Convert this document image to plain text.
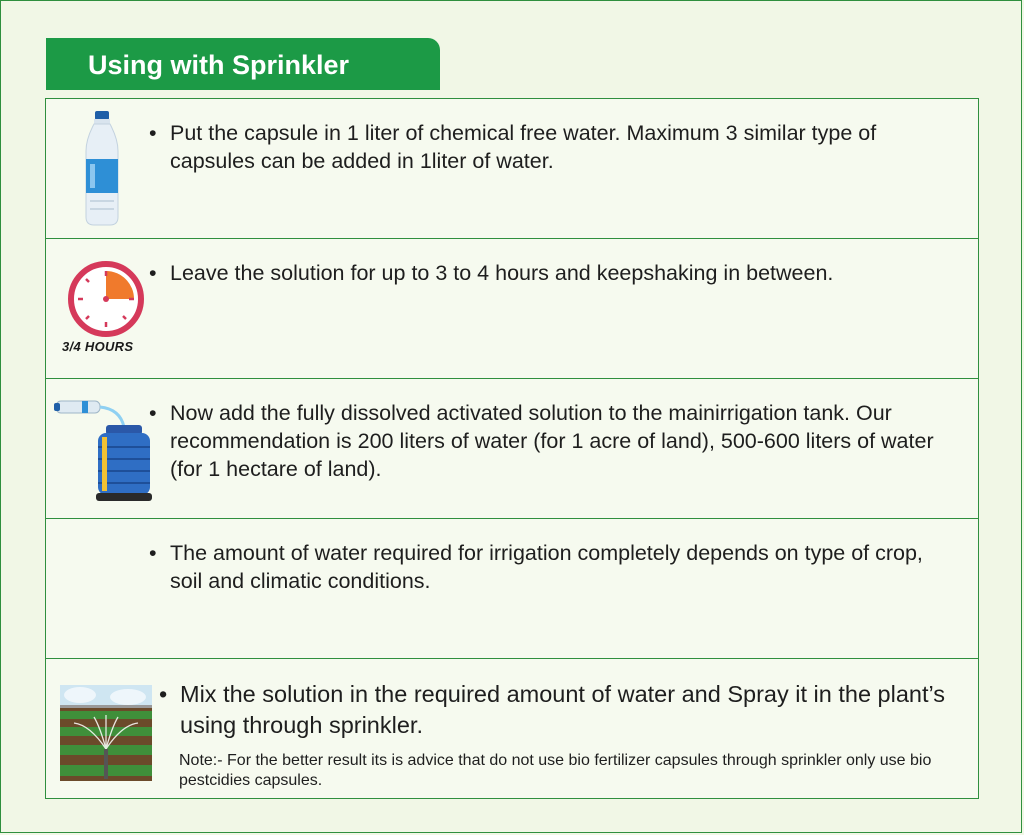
Using with Sprinkler
• Put the capsule in 1 liter of chemical free water. Maximum 3 similar type of capsules can be added in 1liter of water.
3/4 HOURS
• Leave the solution for up to 3 to 4 hours and keepshaking in between.
• Now add the fully dissolved activated solution to the mainirrigation tank. Our recommendation is 200 liters of water (for 1 acre of land), 500-600 liters of water (for 1 hectare of land).
• The amount of water required for irrigation completely depends on type of crop, soil and climatic conditions.
• Mix the solution in the required amount of water and Spray it in the plant’s using through sprinkler.
Note:- For the better result its is advice that do not use bio fertilizer capsules through sprinkler only use bio pestcidies capsules.
